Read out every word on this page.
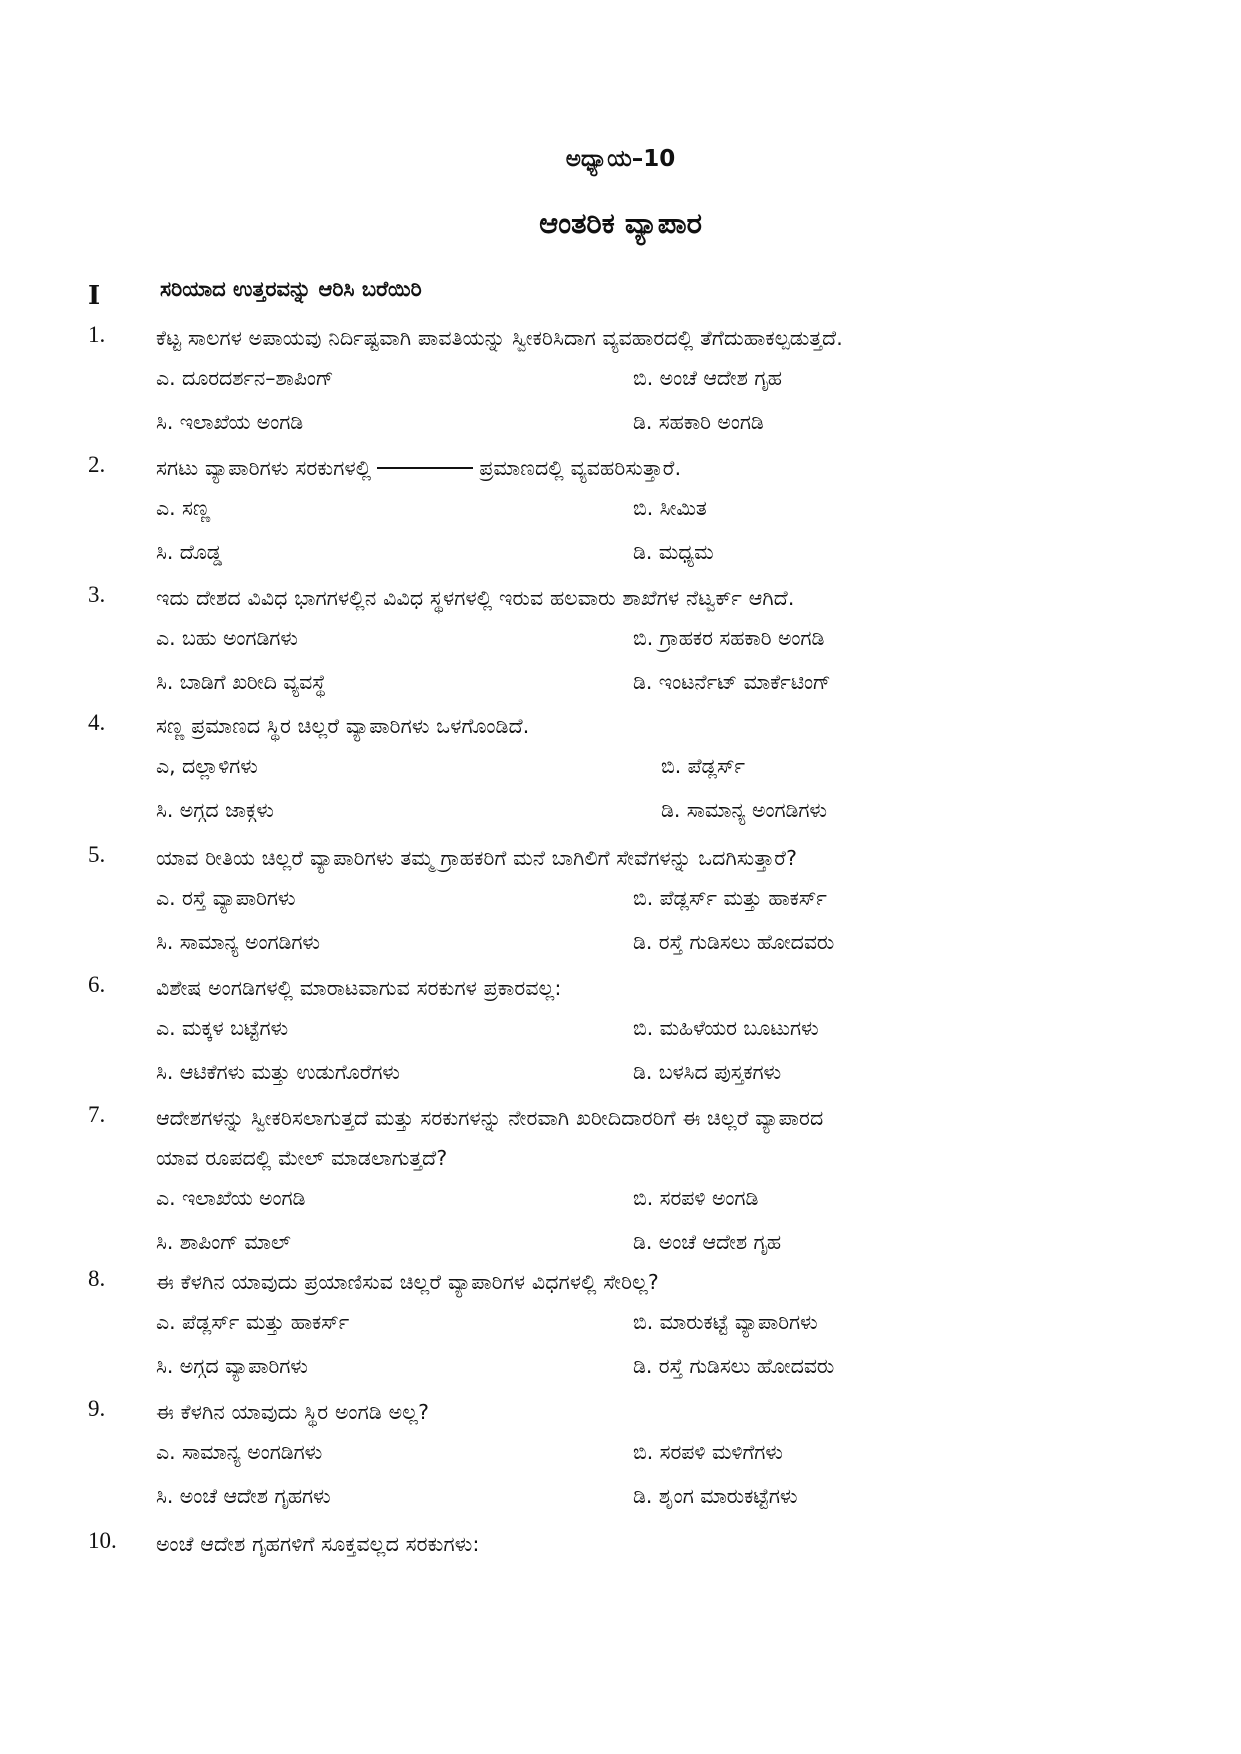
ಅಧ್ಯಾಯ–10
ಆಂತರಿಕ ವ್ಯಾಪಾರ
I	ಸರಿಯಾದ ಉತ್ತರವನ್ನು ಆರಿಸಿ ಬರೆಯಿರಿ
1. ಕೆಟ್ಟ ಸಾಲಗಳ ಅಪಾಯವು ನಿರ್ದಿಷ್ಟವಾಗಿ ಪಾವತಿಯನ್ನು ಸ್ವೀಕರಿಸಿದಾಗ ವ್ಯವಹಾರದಲ್ಲಿ ತೆಗೆದುಹಾಕಲ್ಪಡುತ್ತದೆ.
ಎ. ದೂರದರ್ಶನ–ಶಾಪಿಂಗ್	ಬಿ. ಅಂಚೆ ಆದೇಶ ಗೃಹ
ಸಿ. ಇಲಾಖೆಯ ಅಂಗಡಿ	ಡಿ. ಸಹಕಾರಿ ಅಂಗಡಿ
2. ಸಗಟು ವ್ಯಾಪಾರಿಗಳು ಸರಕುಗಳಲ್ಲಿ	ಪ್ರಮಾಣದಲ್ಲಿ ವ್ಯವಹರಿಸುತ್ತಾರೆ.
ಎ. ಸಣ್ಣ	ಬಿ. ಸೀಮಿತ
ಸಿ. ದೊಡ್ಡ	ಡಿ. ಮಧ್ಯಮ
3. ಇದು ದೇಶದ ವಿವಿಧ ಭಾಗಗಳಲ್ಲಿನ ವಿವಿಧ ಸ್ಥಳಗಳಲ್ಲಿ ಇರುವ ಹಲವಾರು ಶಾಖೆಗಳ ನೆಟ್ವರ್ಕ್ ಆಗಿದೆ.
ಎ. ಬಹು ಅಂಗಡಿಗಳು	ಬಿ. ಗ್ರಾಹಕರ ಸಹಕಾರಿ ಅಂಗಡಿ
ಸಿ. ಬಾಡಿಗೆ ಖರೀದಿ ವ್ಯವಸ್ಥೆ	ಡಿ. ಇಂಟರ್ನೆಟ್ ಮಾರ್ಕೆಟಿಂಗ್
4. ಸಣ್ಣ ಪ್ರಮಾಣದ ಸ್ಥಿರ ಚಿಲ್ಲರೆ ವ್ಯಾಪಾರಿಗಳು ಒಳಗೊಂಡಿದೆ.
ಎ, ದಲ್ಲಾಳಿಗಳು	ಬಿ. ಪೆಡ್ಲರ್ಸ್
ಸಿ. ಅಗ್ಗದ ಜಾಕ್ಗಳು	ಡಿ. ಸಾಮಾನ್ಯ ಅಂಗಡಿಗಳು
5. ಯಾವ ರೀತಿಯ ಚಿಲ್ಲರೆ ವ್ಯಾಪಾರಿಗಳು ತಮ್ಮ ಗ್ರಾಹಕರಿಗೆ ಮನೆ ಬಾಗಿಲಿಗೆ ಸೇವೆಗಳನ್ನು ಒದಗಿಸುತ್ತಾರೆ?
ಎ. ರಸ್ತೆ ವ್ಯಾಪಾರಿಗಳು	ಬಿ. ಪೆಡ್ಲರ್ಸ್ ಮತ್ತು ಹಾಕರ್ಸ್
ಸಿ. ಸಾಮಾನ್ಯ ಅಂಗಡಿಗಳು	ಡಿ. ರಸ್ತೆ ಗುಡಿಸಲು ಹೋದವರು
6. ವಿಶೇಷ ಅಂಗಡಿಗಳಲ್ಲಿ ಮಾರಾಟವಾಗುವ ಸರಕುಗಳ ಪ್ರಕಾರವಲ್ಲ:
ಎ. ಮಕ್ಕಳ ಬಟ್ಟೆಗಳು	ಬಿ. ಮಹಿಳೆಯರ ಬೂಟುಗಳು
ಸಿ. ಆಟಿಕೆಗಳು ಮತ್ತು ಉಡುಗೊರೆಗಳು	ಡಿ. ಬಳಸಿದ ಪುಸ್ತಕಗಳು
7. ಆದೇಶಗಳನ್ನು ಸ್ವೀಕರಿಸಲಾಗುತ್ತದೆ ಮತ್ತು ಸರಕುಗಳನ್ನು ನೇರವಾಗಿ ಖರೀದಿದಾರರಿಗೆ ಈ ಚಿಲ್ಲರೆ ವ್ಯಾಪಾರದ
ಯಾವ ರೂಪದಲ್ಲಿ ಮೇಲ್ ಮಾಡಲಾಗುತ್ತದೆ?
ಎ. ಇಲಾಖೆಯ ಅಂಗಡಿ	ಬಿ. ಸರಪಳಿ ಅಂಗಡಿ
ಸಿ. ಶಾಪಿಂಗ್ ಮಾಲ್	ಡಿ. ಅಂಚೆ ಆದೇಶ ಗೃಹ
8. ಈ ಕೆಳಗಿನ ಯಾವುದು ಪ್ರಯಾಣಿಸುವ ಚಿಲ್ಲರೆ ವ್ಯಾಪಾರಿಗಳ ವಿಧಗಳಲ್ಲಿ ಸೇರಿಲ್ಲ?
ಎ. ಪೆಡ್ಲರ್ಸ್ ಮತ್ತು ಹಾಕರ್ಸ್	ಬಿ. ಮಾರುಕಟ್ಟೆ ವ್ಯಾಪಾರಿಗಳು
ಸಿ. ಅಗ್ಗದ ವ್ಯಾಪಾರಿಗಳು	ಡಿ. ರಸ್ತೆ ಗುಡಿಸಲು ಹೋದವರು
9. ಈ ಕೆಳಗಿನ ಯಾವುದು ಸ್ಥಿರ ಅಂಗಡಿ ಅಲ್ಲ?
ಎ. ಸಾಮಾನ್ಯ ಅಂಗಡಿಗಳು	ಬಿ. ಸರಪಳಿ ಮಳಿಗೆಗಳು
ಸಿ. ಅಂಚೆ ಆದೇಶ ಗೃಹಗಳು	ಡಿ. ಶೃಂಗ ಮಾರುಕಟ್ಟೆಗಳು
10. ಅಂಚೆ ಆದೇಶ ಗೃಹಗಳಿಗೆ ಸೂಕ್ತವಲ್ಲದ ಸರಕುಗಳು:
